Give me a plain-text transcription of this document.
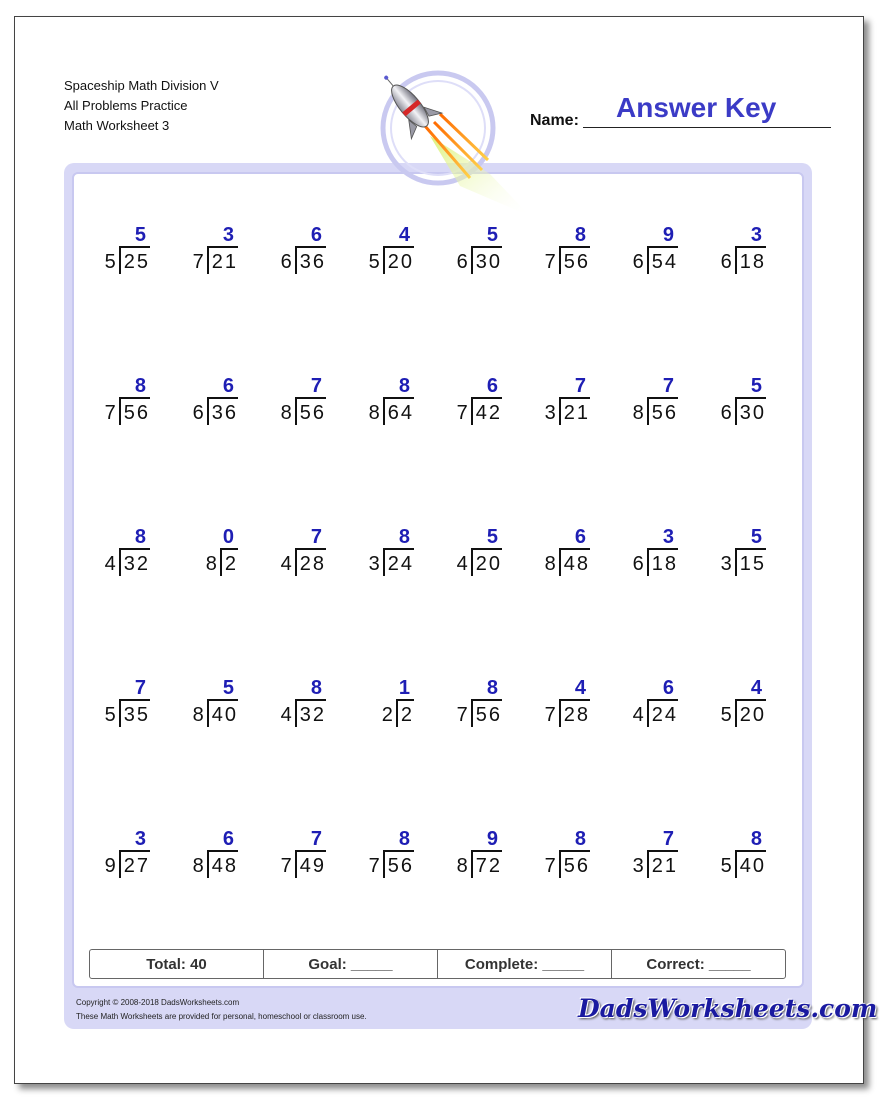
Spaceship Math Division V
All Problems Practice
Math Worksheet 3	Name: Answer Key
5
5 25
3
7 21
6
6 36
4
5 20
5
6 30
8
7 56
9
6 54
3
6 18
8
7 56
6
6 36
7
8 56
8
8 64
6
7 42
7
3 21
7
8 56
5
6 30
8
4 32
0
8 2
7
4 28
8
3 24
5
4 20
6
8 48
3
6 18
5
3 15
7
5 35
5
8 40
8
4 32
1
2 2
8
7 56
4
7 28
6
4 24
4
5 20
3
9 27
6
8 48
7
7 49
8
7 56
9
8 72
8
7 56
7
3 21
8
5 40
Total: 40	Goal: _____	Complete: _____	Correct: _____
Copyright © 2008-2018 DadsWorksheets.com
These Math Worksheets are provided for personal, homeschool or classroom use.	DadsWorksheets.com
